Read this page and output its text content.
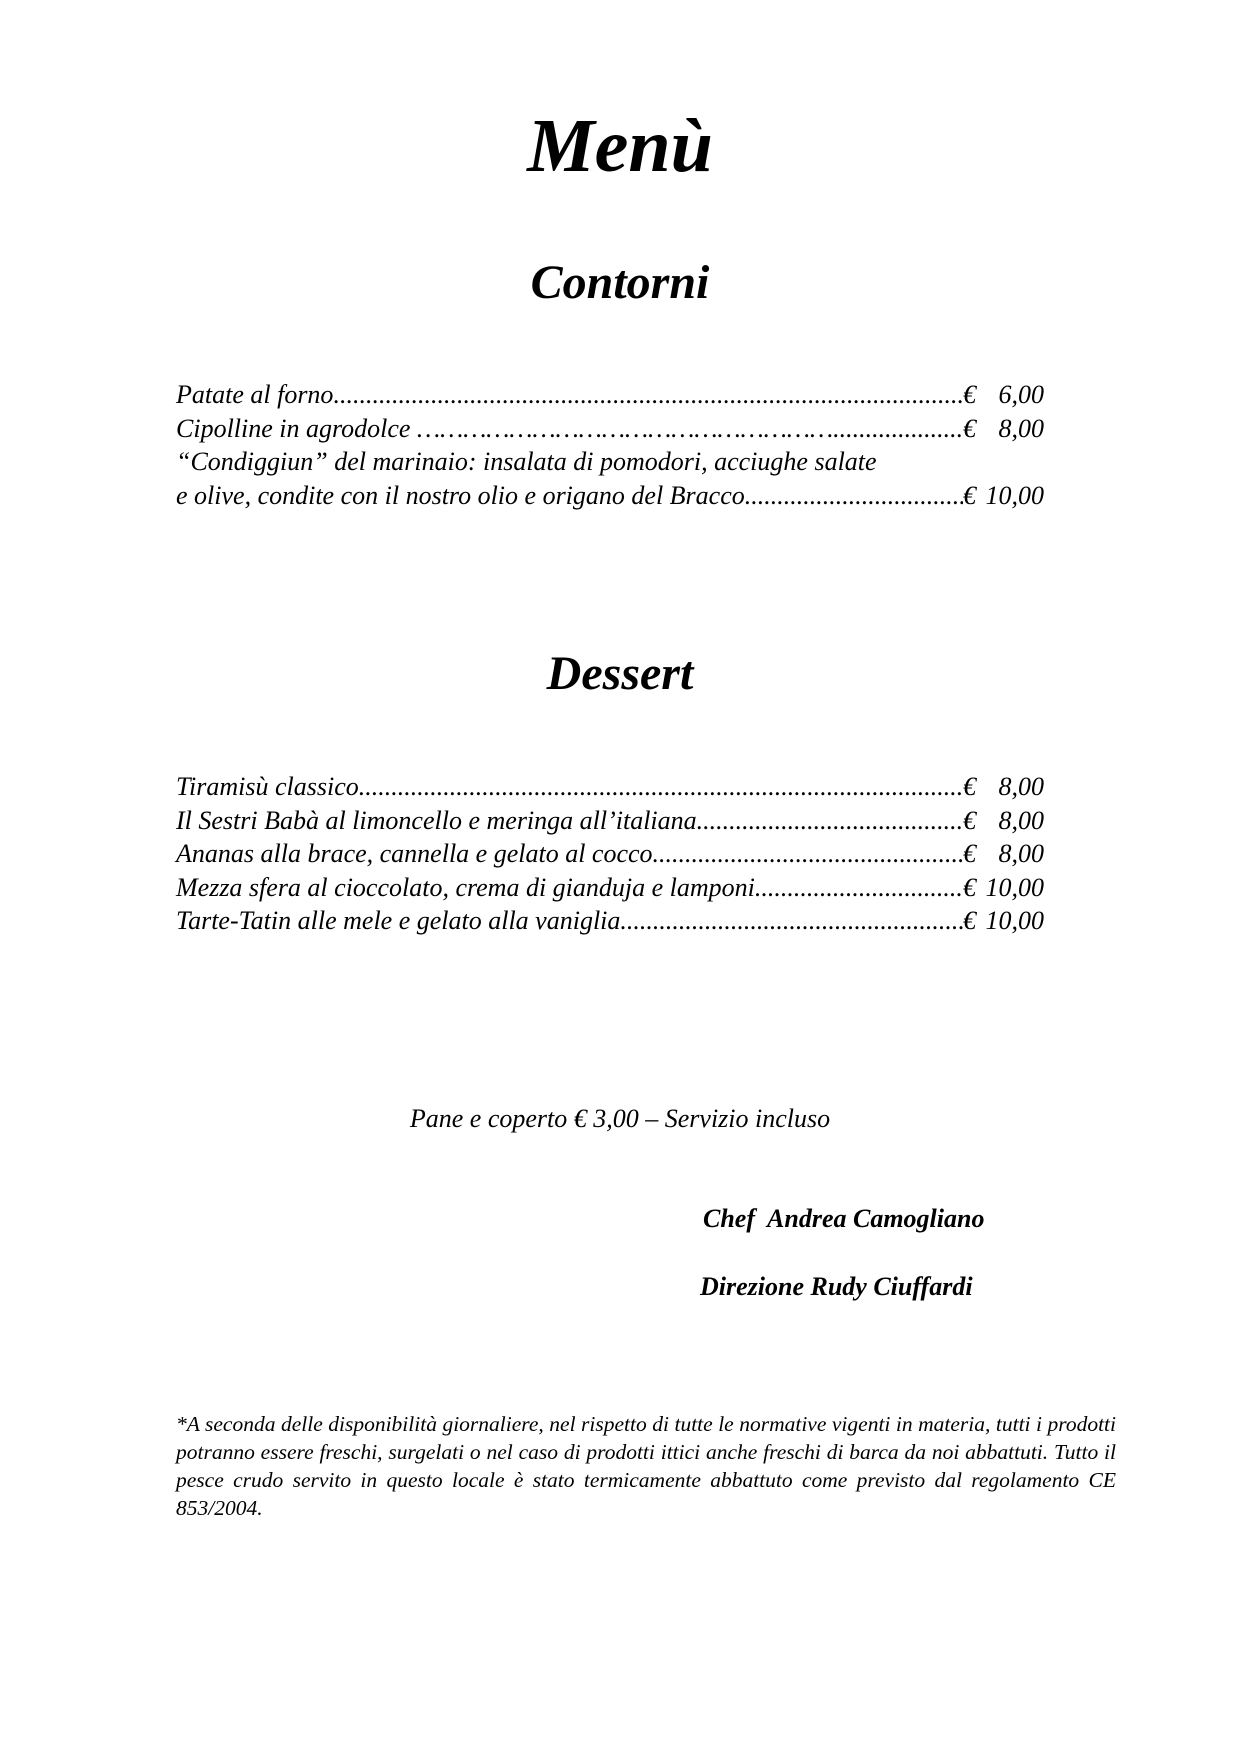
Menù
Contorni
Patate al forno .....	€ 6,00
Cipolline in agrodolce ……………………………………………….. .....	€ 8,00
“Condiggiun” del marinaio: insalata di pomodori, acciughe salate
e olive, condite con il nostro olio e origano del Bracco .....	€ 10,00
Dessert
Tiramisù classico .....	€ 8,00
Il Sestri Babà al limoncello e meringa all’italiana .....	€ 8,00
Ananas alla brace, cannella e gelato al cocco .....	€ 8,00
Mezza sfera al cioccolato, crema di gianduja e lamponi .....	€ 10,00
Tarte-Tatin alle mele e gelato alla vaniglia .....	€ 10,00
Pane e coperto € 3,00 – Servizio incluso
Chef  Andrea Camogliano
Direzione Rudy Ciuffardi

*A seconda delle disponibilità giornaliere, nel rispetto di tutte le normative vigenti in materia, tutti i prodotti potranno essere freschi, surgelati o nel caso di prodotti ittici anche freschi di barca da noi abbattuti. Tutto il pesce crudo servito in questo locale è stato termicamente abbattuto come previsto dal regolamento CE 853/2004.
